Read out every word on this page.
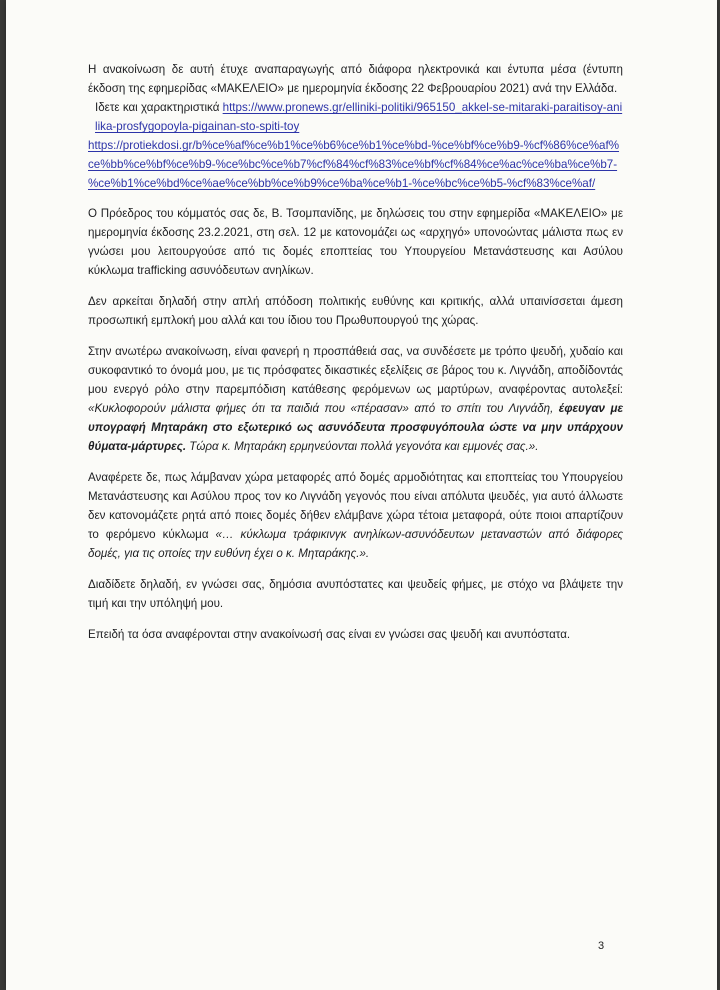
Η ανακοίνωση δε αυτή έτυχε αναπαραγωγής από διάφορα ηλεκτρονικά και έντυπα μέσα (έντυπη έκδοση της εφημερίδας «ΜΑΚΕΛΕΙΟ» με ημερομηνία έκδοσης 22 Φεβρουαρίου 2021) ανά την Ελλάδα.

Ιδετε και χαρακτηριστικά https://www.pronews.gr/elliniki-politiki/965150_akkel-se-mitaraki-paraitisoy-anilika-prosfygopoyla-pigainan-sto-spiti-toy

https://protiekdosi.gr/b%ce%af%ce%b1%ce%b6%ce%b1%ce%bd-%ce%bf%ce%b9-%cf%86%ce%af%ce%bb%ce%bf%ce%b9-%ce%bc%ce%b7%cf%84%cf%83%ce%bf%cf%84%ce%ac%ce%ba%ce%b7-%ce%b1%ce%bd%ce%ae%ce%bb%ce%b9%ce%ba%ce%b1-%ce%bc%ce%b5-%cf%83%ce%af/

Ο Πρόεδρος του κόμματός σας δε, Β. Τσομπανίδης, με δηλώσεις του στην εφημερίδα «ΜΑΚΕΛΕΙΟ» με ημερομηνία έκδοσης 23.2.2021, στη σελ. 12 με κατονομάζει ως «αρχηγό» υπονοώντας μάλιστα πως εν γνώσει μου λειτουργούσε από τις δομές εποπτείας του Υπουργείου Μετανάστευσης και Ασύλου κύκλωμα trafficking ασυνόδευτων ανηλίκων.

Δεν αρκείται δηλαδή στην απλή απόδοση πολιτικής ευθύνης και κριτικής, αλλά υπαινίσσεται άμεση προσωπική εμπλοκή μου αλλά και του ίδιου του Πρωθυπουργού της χώρας.

Στην ανωτέρω ανακοίνωση, είναι φανερή η προσπάθειά σας, να συνδέσετε με τρόπο ψευδή, χυδαίο και συκοφαντικό το όνομά μου, με τις πρόσφατες δικαστικές εξελίξεις σε βάρος του κ. Λιγνάδη, αποδίδοντάς μου ενεργό ρόλο στην παρεμπόδιση κατάθεσης φερόμενων ως μαρτύρων, αναφέροντας αυτολεξεί: «Κυκλοφορούν μάλιστα φήμες ότι τα παιδιά που «πέρασαν» από το σπίτι του Λιγνάδη, έφευγαν με υπογραφή Μηταράκη στο εξωτερικό ως ασυνόδευτα προσφυγόπουλα ώστε να μην υπάρχουν θύματα-μάρτυρες. Τώρα κ. Μηταράκη ερμηνεύονται πολλά γεγονότα και εμμονές σας.».

Αναφέρετε δε, πως λάμβαναν χώρα μεταφορές από δομές αρμοδιότητας και εποπτείας του Υπουργείου Μετανάστευσης και Ασύλου προς τον κο Λιγνάδη γεγονός που είναι απόλυτα ψευδές, για αυτό άλλωστε δεν κατονομάζετε ρητά από ποιες δομές δήθεν ελάμβανε χώρα τέτοια μεταφορά, ούτε ποιοι απαρτίζουν το φερόμενο κύκλωμα «… κύκλωμα τράφικινγκ ανηλίκων-ασυνόδευτων μεταναστών από διάφορες δομές, για τις οποίες την ευθύνη έχει ο κ. Μηταράκης.».

Διαδίδετε δηλαδή, εν γνώσει σας, δημόσια ανυπόστατες και ψευδείς φήμες, με στόχο να βλάψετε την τιμή και την υπόληψή μου.

Επειδή τα όσα αναφέρονται στην ανακοίνωσή σας είναι εν γνώσει σας ψευδή και ανυπόστατα.

3
